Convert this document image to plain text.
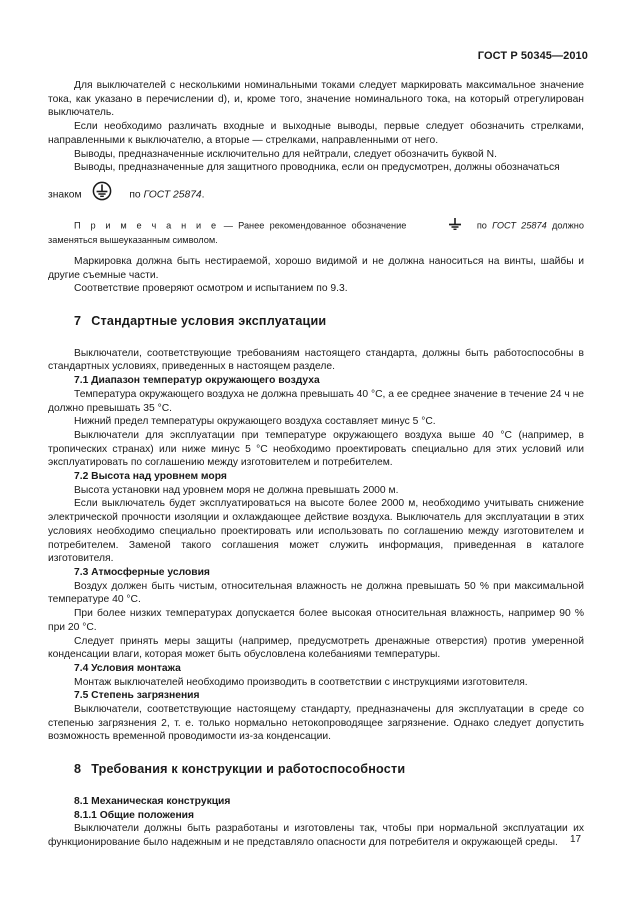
ГОСТ Р 50345—2010

Для выключателей с несколькими номинальными токами следует маркировать максимальное значение тока, как указано в перечислении d), и, кроме того, значение номинального тока, на который отрегулирован выключатель.

Если необходимо различать входные и выходные выводы, первые следует обозначить стрелками, направленными к выключателю, а вторые — стрелками, направленными от него.

Выводы, предназначенные исключительно для нейтрали, следует обозначить буквой N.

Выводы, предназначенные для защитного проводника, если он предусмотрен, должны обозначаться

знаком	по ГОСТ 25874.

П р и м е ч а н и е — Ранее рекомендованное обозначение	по ГОСТ 25874 должно заменяться вышеуказанным символом.

Маркировка должна быть нестираемой, хорошо видимой и не должна наноситься на винты, шайбы и другие съемные части.

Соответствие проверяют осмотром и испытанием по 9.3.

7 Стандартные условия эксплуатации

Выключатели, соответствующие требованиям настоящего стандарта, должны быть работоспособны в стандартных условиях, приведенных в настоящем разделе.

7.1 Диапазон температур окружающего воздуха

Температура окружающего воздуха не должна превышать 40 °С, а ее среднее значение в течение 24 ч не должно превышать 35 °С.

Нижний предел температуры окружающего воздуха составляет минус 5 °С.

Выключатели для эксплуатации при температуре окружающего воздуха выше 40 °С (например, в тропических странах) или ниже минус 5 °С необходимо проектировать специально для этих условий или эксплуатировать по соглашению между изготовителем и потребителем.

7.2 Высота над уровнем моря

Высота установки над уровнем моря не должна превышать 2000 м.

Если выключатель будет эксплуатироваться на высоте более 2000 м, необходимо учитывать снижение электрической прочности изоляции и охлаждающее действие воздуха. Выключатель для эксплуатации в этих условиях необходимо специально проектировать или использовать по соглашению между изготовителем и потребителем. Заменой такого соглашения может служить информация, приведенная в каталоге изготовителя.

7.3 Атмосферные условия

Воздух должен быть чистым, относительная влажность не должна превышать 50 % при максимальной температуре 40 °С.

При более низких температурах допускается более высокая относительная влажность, например 90 % при 20 °С.

Следует принять меры защиты (например, предусмотреть дренажные отверстия) против умеренной конденсации влаги, которая может быть обусловлена колебаниями температуры.

7.4 Условия монтажа

Монтаж выключателей необходимо производить в соответствии с инструкциями изготовителя.

7.5 Степень загрязнения

Выключатели, соответствующие настоящему стандарту, предназначены для эксплуатации в среде со степенью загрязнения 2, т. е. только нормально нетокопроводящее загрязнение. Однако следует допустить возможность временной проводимости из-за конденсации.

8 Требования к конструкции и работоспособности

8.1 Механическая конструкция

8.1.1 Общие положения

Выключатели должны быть разработаны и изготовлены так, чтобы при нормальной эксплуатации их функционирование было надежным и не представляло опасности для потребителя и окружающей среды.	17
